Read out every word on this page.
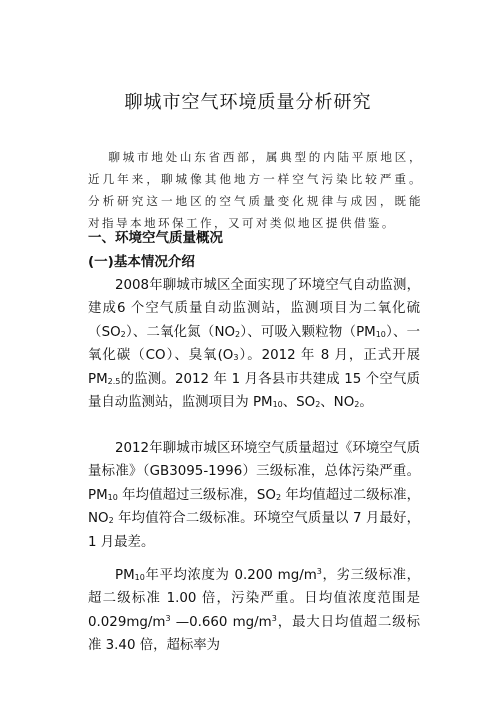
聊城市空气环境质量分析研究
聊城市地处山东省西部，属典型的内陆平原地区，近几年来，聊城像其他地方一样空气污染比较严重。分析研究这一地区的空气质量变化规律与成因，既能对指导本地环保工作，又可对类似地区提供借鉴。
一、环境空气质量概况
(一)基本情况介绍
2008年聊城市城区全面实现了环境空气自动监测，建成6 个空气质量自动监测站，监测项目为二氧化硫$(SO_2)$、二氧化氮$(NO_2)$、可吸入颗粒物$(PM_{10})$、一氧化碳（CO）、臭氧$(O_3)$。2012 年 8 月，正式开展 $PM_{2.5}$的监测。2012 年 1 月各县市共建成 15 个空气质量自动监测站，监测项目为 $PM_{10}$、$SO_2$、$NO_2$。
2012年聊城市城区环境空气质量超过《环境空气质量标准》（GB3095-1996）三级标准，总体污染严重。$PM_{10}$ 年均值超过三级标准，$SO_2$ 年均值超过二级标准，$NO_2$ 年均值符合二级标准。环境空气质量以 7 月最好， 1 月最差。
$PM_{10}$年平均浓度为 0.200 $mg/m^3$，劣三级标准，超二级标准 1.00 倍，污染严重。日均值浓度范围是 $0.029mg/m^3$ —0.660 $mg/m^3$，最大日均值超二级标准 3.40 倍，超标率为
